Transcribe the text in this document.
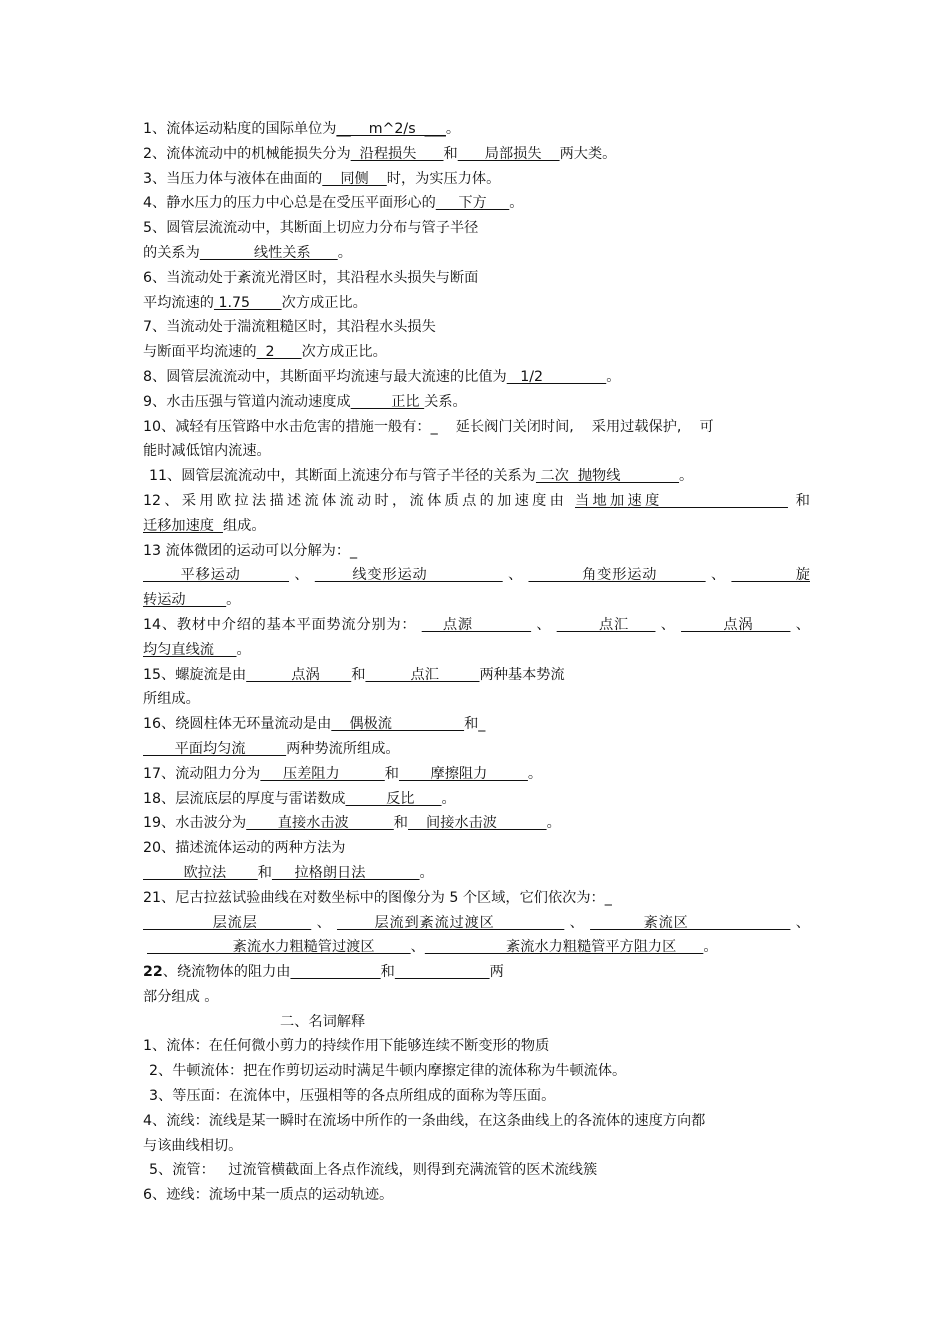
1、流体运动粘度的国际单位为__    m^2/s  ___。
2、流体流动中的机械能损失分为  沿程损失      和      局部损失    两大类。
3、当压力体与液体在曲面的    同侧    时，为实压力体。
4、静水压力的压力中心总是在受压平面形心的     下方     。
5、圆管层流流动中，其断面上切应力分布与管子半径
的关系为            线性关系      。
6、当流动处于紊流光滑区时，其沿程水头损失与断面
平均流速的 1.75       次方成正比。
7、当流动处于湍流粗糙区时，其沿程水头损失
与断面平均流速的  2      次方成正比。
8、圆管层流流动中，其断面平均流速与最大流速的比值为   1/2              。
9、水击压强与管道内流动速度成         正比 关系。
10、减轻有压管路中水击危害的措施一般有：_    延长阀门关闭时间,    采用过载保护,    可
能时减低馆内流速。
11、圆管层流流动中，其断面上流速分布与管子半径的关系为 二次  抛物线             。
12、采用欧拉法描述流体流动时，流体质点的加速度由 当地加速度                 和
迁移加速度  组成。
13 流体微团的运动可以分解为：_
平移运动          、        线变形运动               、           角变形运动          、             旋
转运动         。
14、教材中介绍的基本平面势流分别为：     点源            、         点汇      、         点涡        、
均匀直线流     。
15、螺旋流是由          点涡       和          点汇         两种基本势流
所组成。
16、绕圆柱体无环量流动是由    偶极流                和_
平面均匀流         两种势流所组成。
17、流动阻力分为     压差阻力          和       摩擦阻力         。
18、层流底层的厚度与雷诺数成         反比      。
19、水击波分为       直接水击波          和    间接水击波           。
20、描述流体运动的两种方法为
欧拉法       和     拉格朗日法            。
21、尼古拉兹试验曲线在对数坐标中的图像分为 5 个区域，它们依次为：_
层流层           、        层流到紊流过渡区              、           紊流区                    、
紊流水力粗糙管过渡区        、                  紊流水力粗糙管平方阻力区      。
22、绕流物体的阻力由	和	两
部分组成 。
二、名词解释
1、流体：在任何微小剪力的持续作用下能够连续不断变形的物质
2、牛顿流体：把在作剪切运动时满足牛顿内摩擦定律的流体称为牛顿流体。
3、等压面：在流体中，压强相等的各点所组成的面称为等压面。
4、流线：流线是某一瞬时在流场中所作的一条曲线，在这条曲线上的各流体的速度方向都
与该曲线相切。
5、流管：   过流管横截面上各点作流线，则得到充满流管的医术流线簇
6、迹线：流场中某一质点的运动轨迹。
